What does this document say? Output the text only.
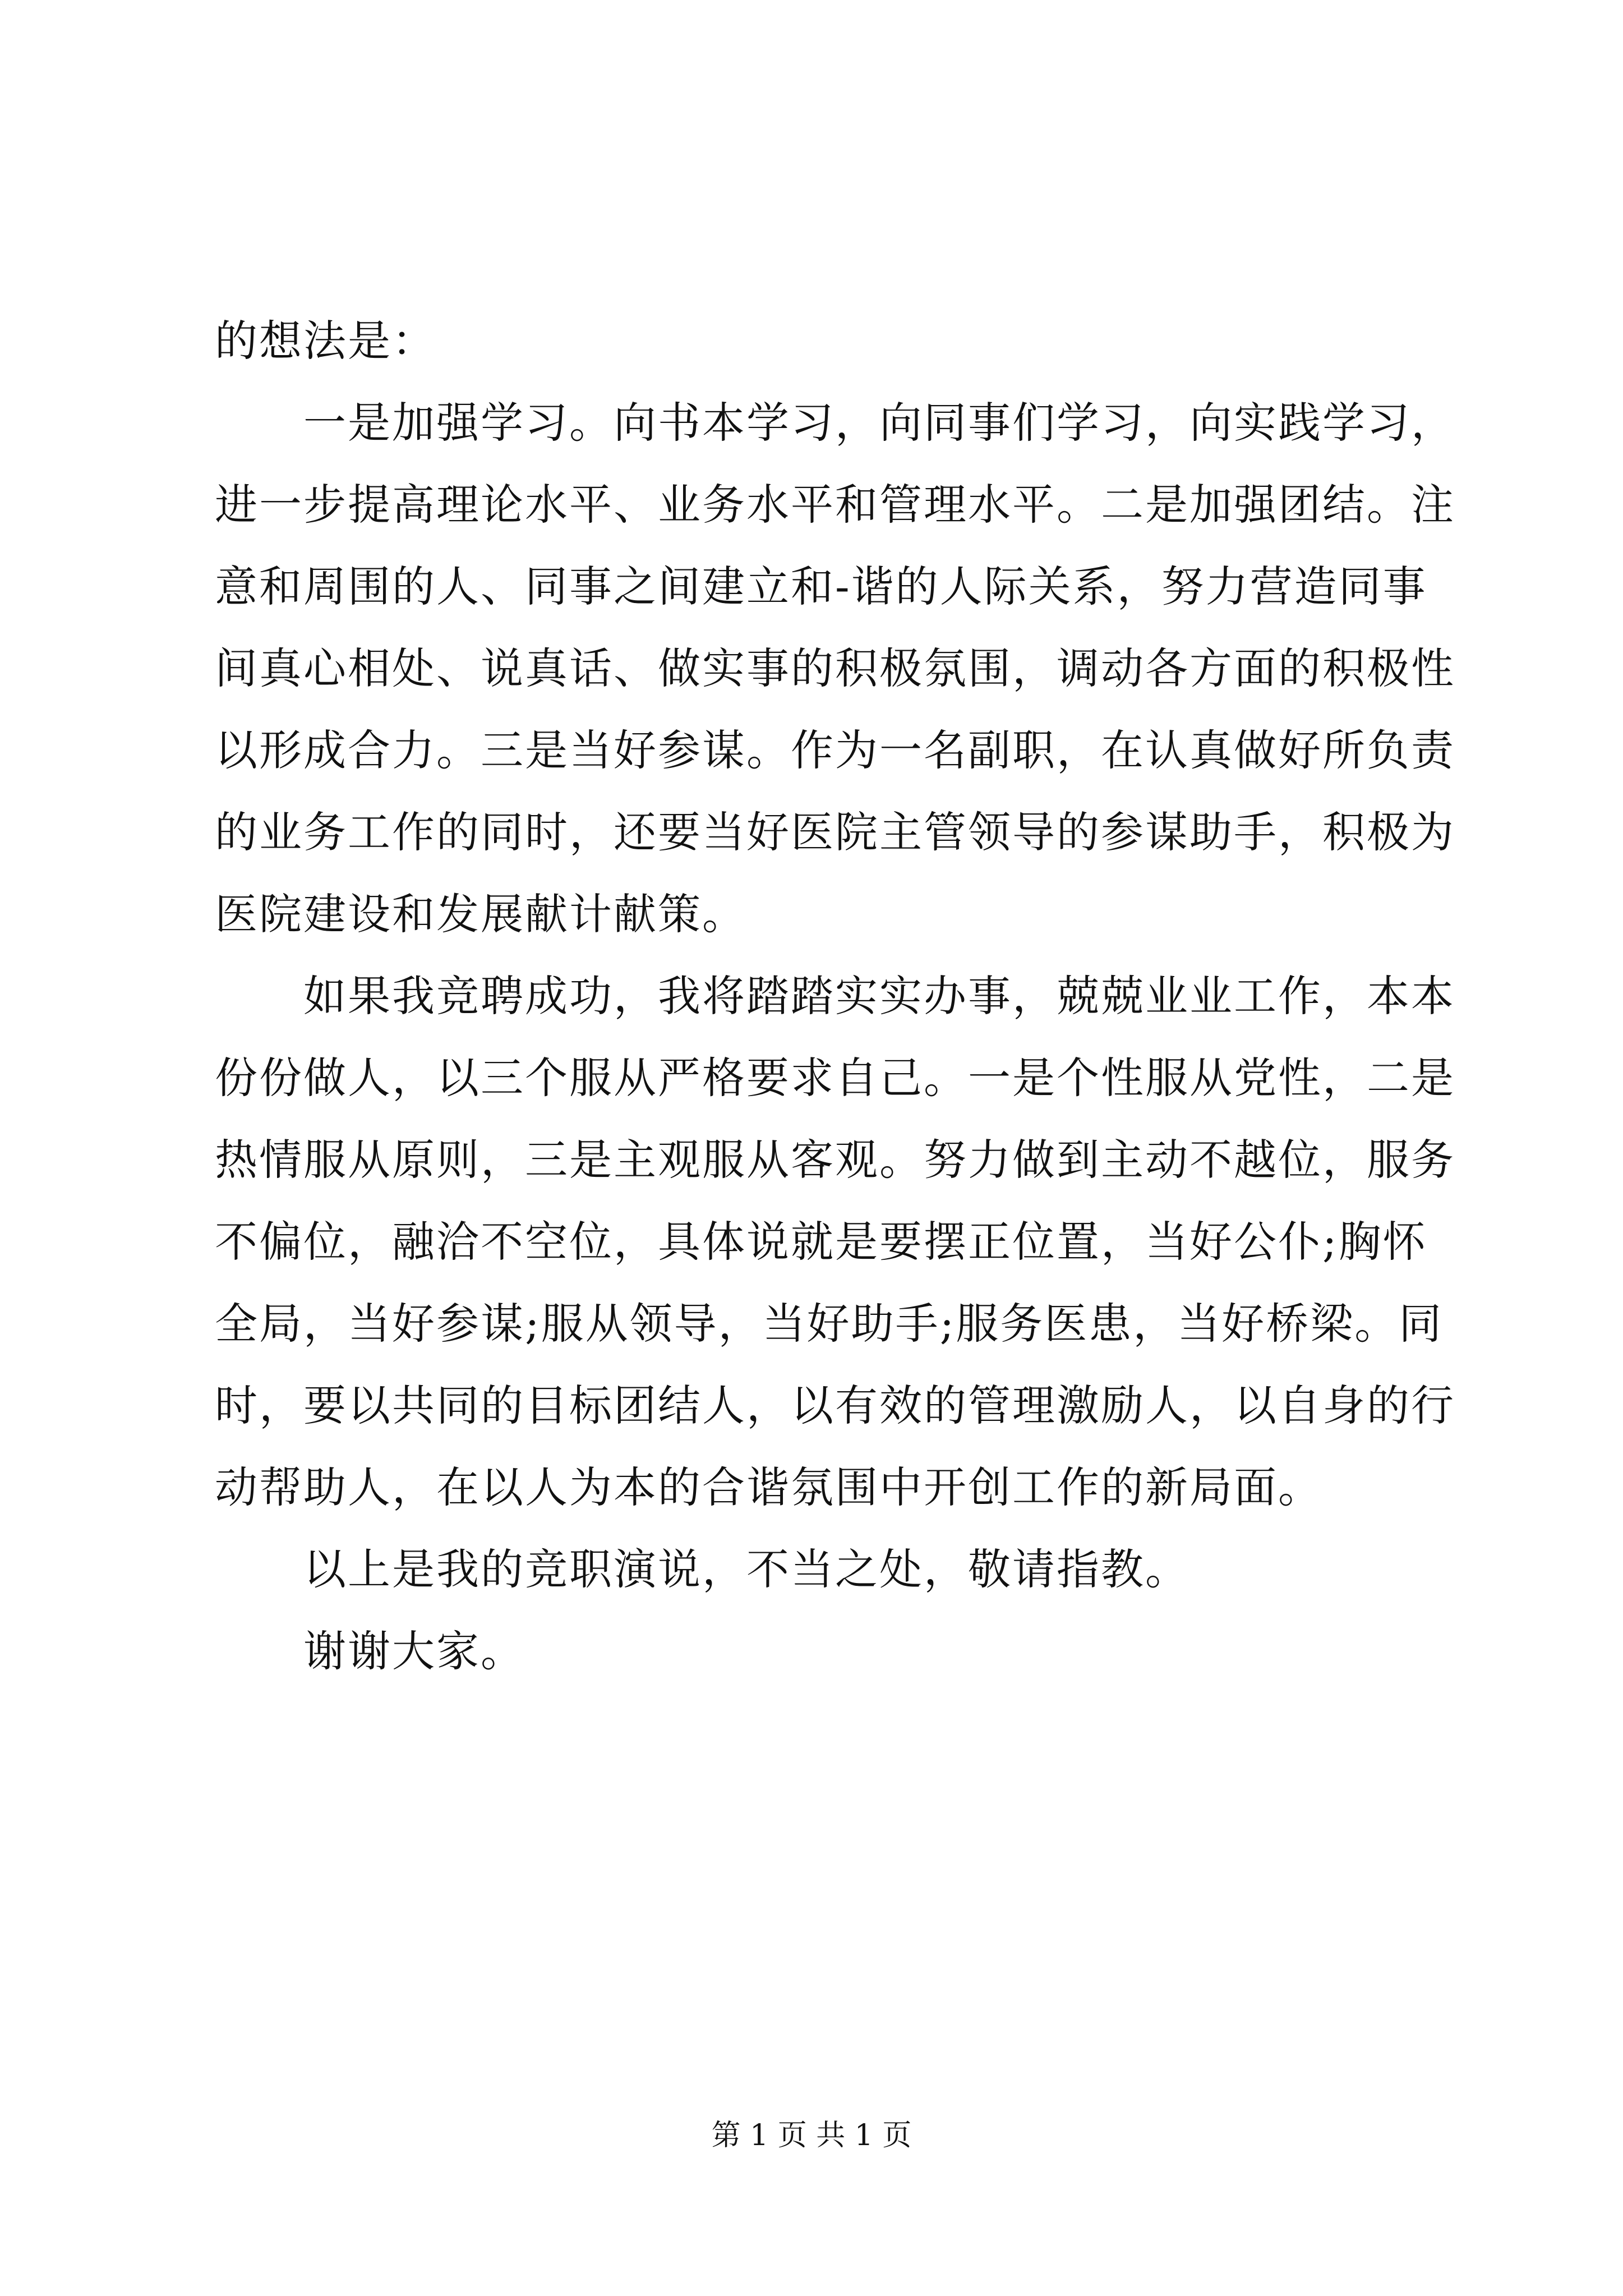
的想法是：
一是加强学习。向书本学习，向同事们学习，向实践学习，
进一步提高理论水平、业务水平和管理水平。二是加强团结。注
意和周围的人、同事之间建立和-谐的人际关系，努力营造同事
间真心相处、说真话、做实事的积极氛围，调动各方面的积极性
以形成合力。三是当好参谋。作为一名副职，在认真做好所负责
的业务工作的同时，还要当好医院主管领导的参谋助手，积极为
医院建设和发展献计献策。
如果我竞聘成功，我将踏踏实实办事，兢兢业业工作，本本
份份做人，以三个服从严格要求自己。一是个性服从党性，二是
热情服从原则，三是主观服从客观。努力做到主动不越位，服务
不偏位，融洽不空位，具体说就是要摆正位置，当好公仆;胸怀
全局，当好参谋;服从领导，当好助手;服务医患，当好桥梁。同
时，要以共同的目标团结人，以有效的管理激励人，以自身的行
动帮助人，在以人为本的合谐氛围中开创工作的新局面。
以上是我的竞职演说，不当之处，敬请指教。
谢谢大家。
第 1 页 共 1 页
